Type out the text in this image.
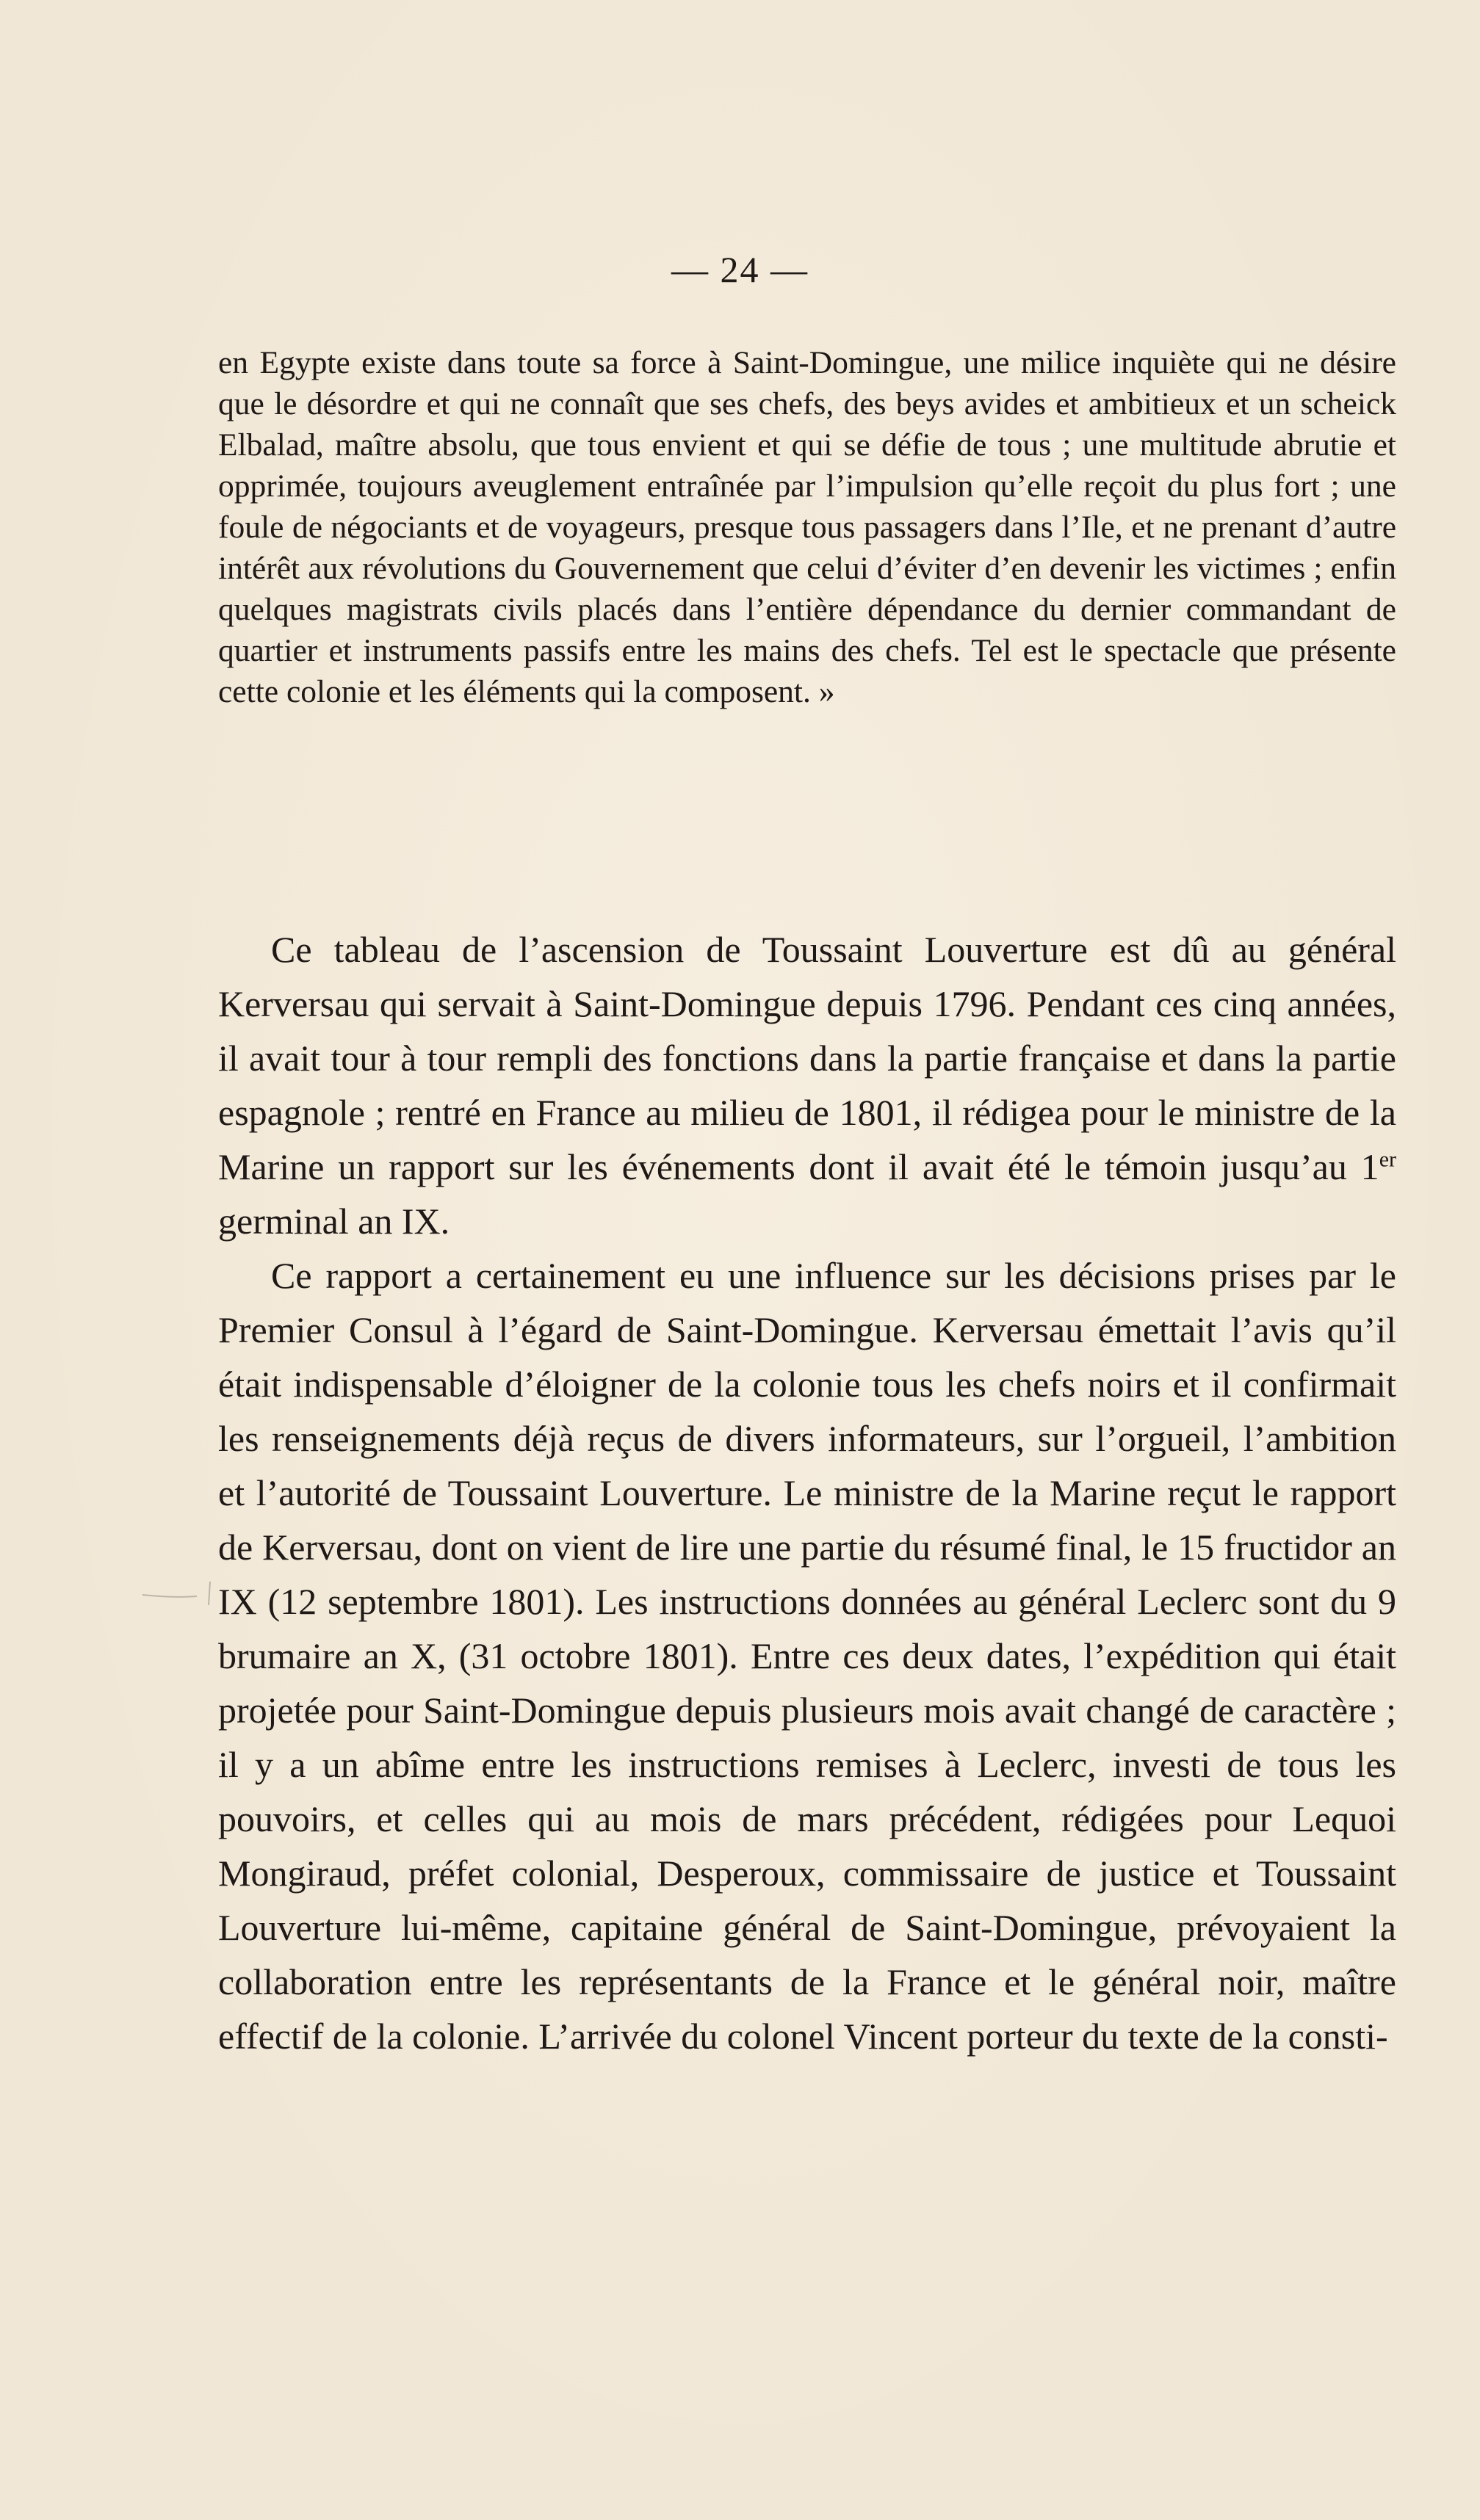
— 24 —

en Egypte existe dans toute sa force à Saint-Domingue, une milice inquiète qui ne désire que le désordre et qui ne connaît que ses chefs, des beys avides et ambitieux et un scheick Elbalad, maître absolu, que tous envient et qui se défie de tous ; une multitude abrutie et opprimée, toujours aveuglement entraînée par l’impulsion qu’elle reçoit du plus fort ; une foule de négociants et de voyageurs, presque tous passagers dans l’Ile, et ne prenant d’autre intérêt aux révolutions du Gouvernement que celui d’éviter d’en devenir les victimes ; enfin quelques magistrats civils placés dans l’entière dépendance du dernier commandant de quartier et instruments passifs entre les mains des chefs. Tel est le spectacle que présente cette colonie et les éléments qui la composent. »

Ce tableau de l’ascension de Toussaint Louverture est dû au général Kerversau qui servait à Saint-Domingue depuis 1796. Pendant ces cinq années, il avait tour à tour rempli des fonctions dans la partie française et dans la partie espagnole ; rentré en France au milieu de 1801, il rédigea pour le ministre de la Marine un rapport sur les événements dont il avait été le témoin jusqu’au 1er germinal an IX.

Ce rapport a certainement eu une influence sur les décisions prises par le Premier Consul à l’égard de Saint-Domingue. Kerversau émettait l’avis qu’il était indispensable d’éloigner de la colonie tous les chefs noirs et il confirmait les renseignements déjà reçus de divers informateurs, sur l’orgueil, l’ambition et l’autorité de Toussaint Louverture. Le ministre de la Marine reçut le rapport de Kerversau, dont on vient de lire une partie du résumé final, le 15 fructidor an IX (12 septembre 1801). Les instructions données au général Leclerc sont du 9 brumaire an X, (31 octobre 1801). Entre ces deux dates, l’expédition qui était projetée pour Saint-Domingue depuis plusieurs mois avait changé de caractère ; il y a un abîme entre les instructions remises à Leclerc, investi de tous les pouvoirs, et celles qui au mois de mars précédent, rédigées pour Lequoi Mongiraud, préfet colonial, Desperoux, commissaire de justice et Toussaint Louverture lui-même, capitaine général de Saint-Domingue, prévoyaient la collaboration entre les représentants de la France et le général noir, maître effectif de la colonie. L’arrivée du colonel Vincent porteur du texte de la consti-
